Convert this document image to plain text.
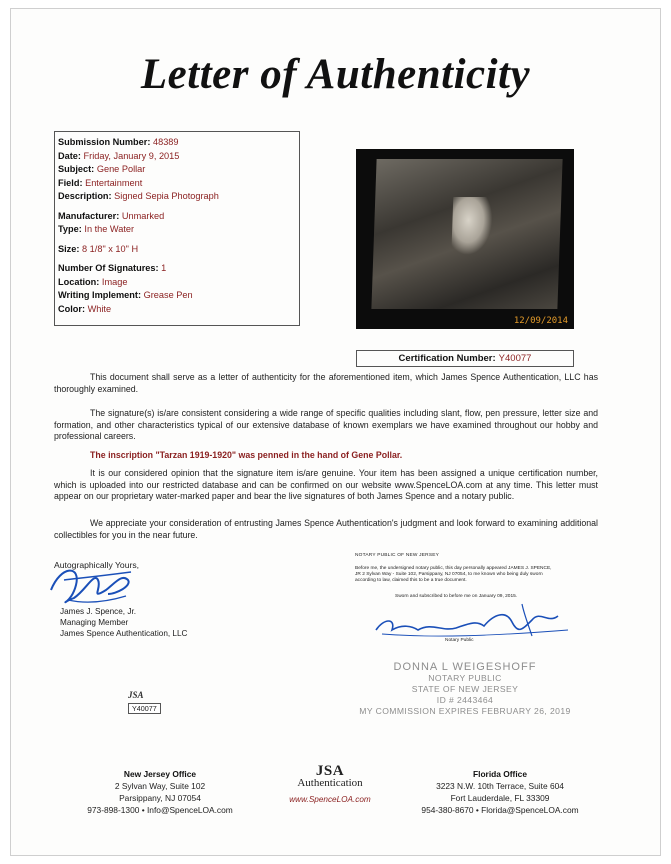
Letter of Authenticity
Submission Number: 48389
Date: Friday, January 9, 2015
Subject: Gene Pollar
Field: Entertainment
Description: Signed Sepia Photograph
Manufacturer: Unmarked
Type: In the Water
Size: 8 1/8" x 10" H
Number Of Signatures: 1
Location: Image
Writing Implement: Grease Pen
Color: White
12/09/2014
Certification Number: Y40077
This document shall serve as a letter of authenticity for the aforementioned item, which James Spence Authentication, LLC has thoroughly examined.
The signature(s) is/are consistent considering a wide range of specific qualities including slant, flow, pen pressure, letter size and formation, and other characteristics typical of our extensive database of known exemplars we have examined throughout our hobby and professional careers.
The inscription "Tarzan 1919-1920" was penned in the hand of Gene Pollar.
It is our considered opinion that the signature item is/are genuine. Your item has been assigned a unique certification number, which is uploaded into our restricted database and can be confirmed on our website www.SpenceLOA.com at any time. This letter must appear on our proprietary water-marked paper and bear the live signatures of both James Spence and a notary public.
We appreciate your consideration of entrusting James Spence Authentication's judgment and look forward to examining additional collectibles for you in the near future.
Autographically Yours,
James J. Spence, Jr.
Managing Member
James Spence Authentication, LLC
NOTARY PUBLIC OF NEW JERSEY
Before me, the undersigned notary public, this day personally appeared JAMES J. SPENCE, JR 2 Sylvan Way - Suite 102, Parsippany, NJ 07054, to me known who being duly sworn according to law, claimed this to be a true document.
Sworn and subscribed to before me on January 09, 2015.
Notary Public
DONNA L WEIGESHOFF
NOTARY PUBLIC
STATE OF NEW JERSEY
ID # 2443464
MY COMMISSION EXPIRES FEBRUARY 26, 2019
JSA
Y40077
New Jersey Office
2 Sylvan Way, Suite 102
Parsippany, NJ 07054
973-898-1300 • Info@SpenceLOA.com
JSA
Authentication
www.SpenceLOA.com
Florida Office
3223 N.W. 10th Terrace, Suite 604
Fort Lauderdale, FL 33309
954-380-8670 • Florida@SpenceLOA.com
